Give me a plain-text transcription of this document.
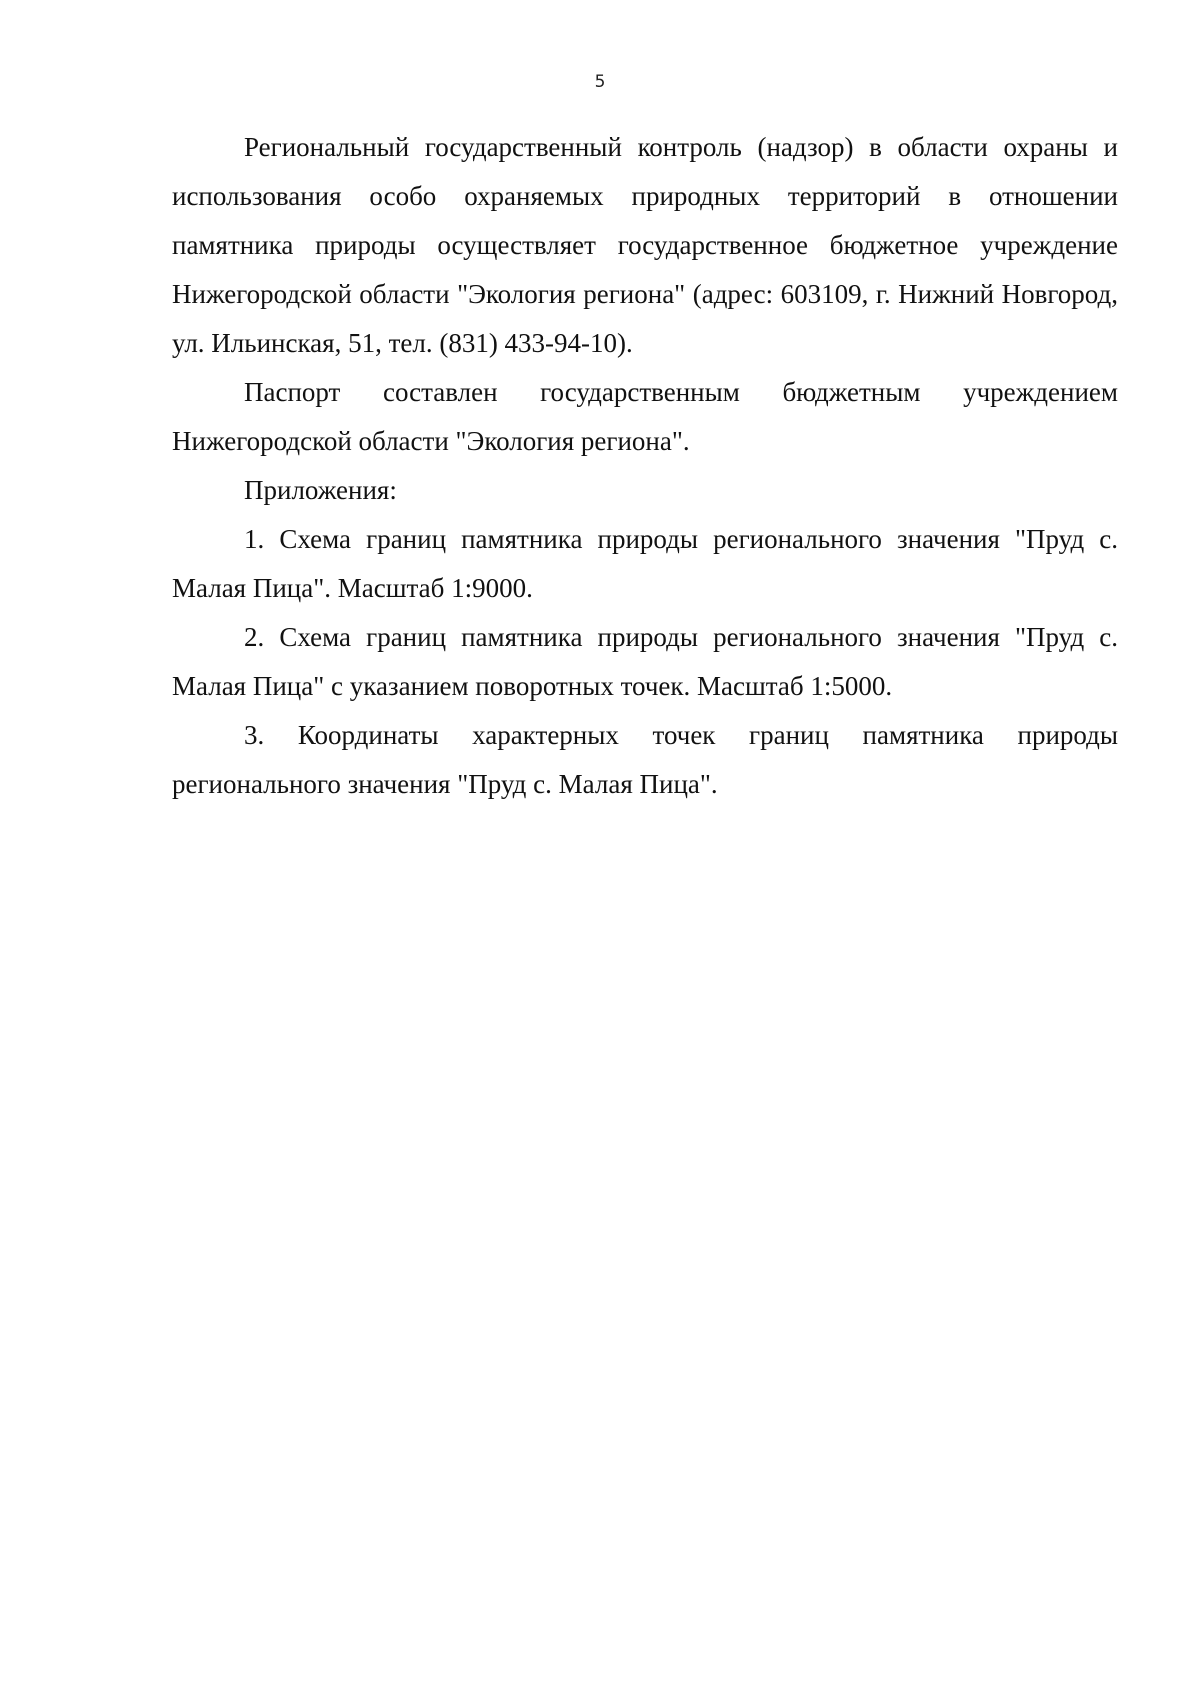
5

Региональный государственный контроль (надзор) в области охраны и использования особо охраняемых природных территорий в отношении памятника природы осуществляет государственное бюджетное учреждение Нижегородской области "Экология региона" (адрес: 603109, г. Нижний Новгород, ул. Ильинская, 51, тел. (831) 433-94-10).

Паспорт составлен государственным бюджетным учреждением Нижегородской области "Экология региона".

Приложения:

1. Схема границ памятника природы регионального значения "Пруд с. Малая Пица". Масштаб 1:9000.

2. Схема границ памятника природы регионального значения "Пруд с. Малая Пица" с указанием поворотных точек. Масштаб 1:5000.

3. Координаты характерных точек границ памятника природы регионального значения "Пруд с. Малая Пица".
